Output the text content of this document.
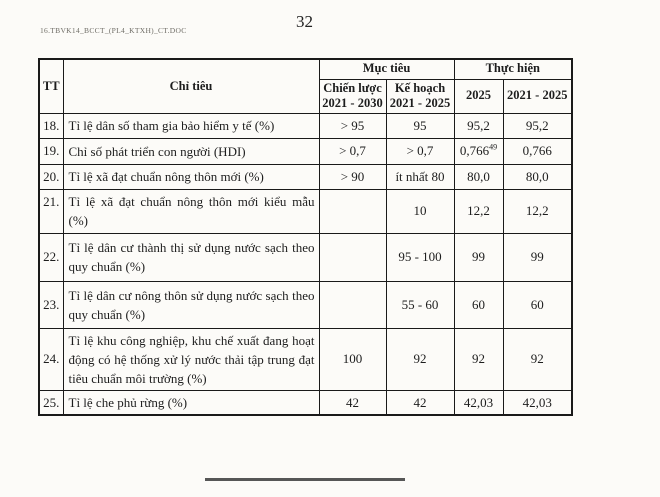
16.TBVK14_BCCT_(PL4_KTXH)_CT.DOC	32
TT	Chỉ tiêu	Mục tiêu		Thực hiện	
		Chiến lược 2021 - 2030	Kế hoạch 2021 - 2025	2025	2021 - 2025
18.	Tỉ lệ dân số tham gia bảo hiểm y tế (%)	> 95	95	95,2	95,2
19.	Chỉ số phát triển con người (HDI)	> 0,7	> 0,7	0,766$^{49}$	0,766
20.	Tỉ lệ xã đạt chuẩn nông thôn mới (%)	> 90	ít nhất 80	80,0	80,0
21.	Tỉ lệ xã đạt chuẩn nông thôn mới kiểu mẫu (%)		10	12,2	12,2
22.	Tỉ lệ dân cư thành thị sử dụng nước sạch theo quy chuẩn (%)		95 - 100	99	99
23.	Tỉ lệ dân cư nông thôn sử dụng nước sạch theo quy chuẩn (%)		55 - 60	60	60
24.	Tỉ lệ khu công nghiệp, khu chế xuất đang hoạt động có hệ thống xử lý nước thải tập trung đạt tiêu chuẩn môi trường (%)	100	92	92	92
25.	Tỉ lệ che phủ rừng (%)	42	42	42,03	42,03
